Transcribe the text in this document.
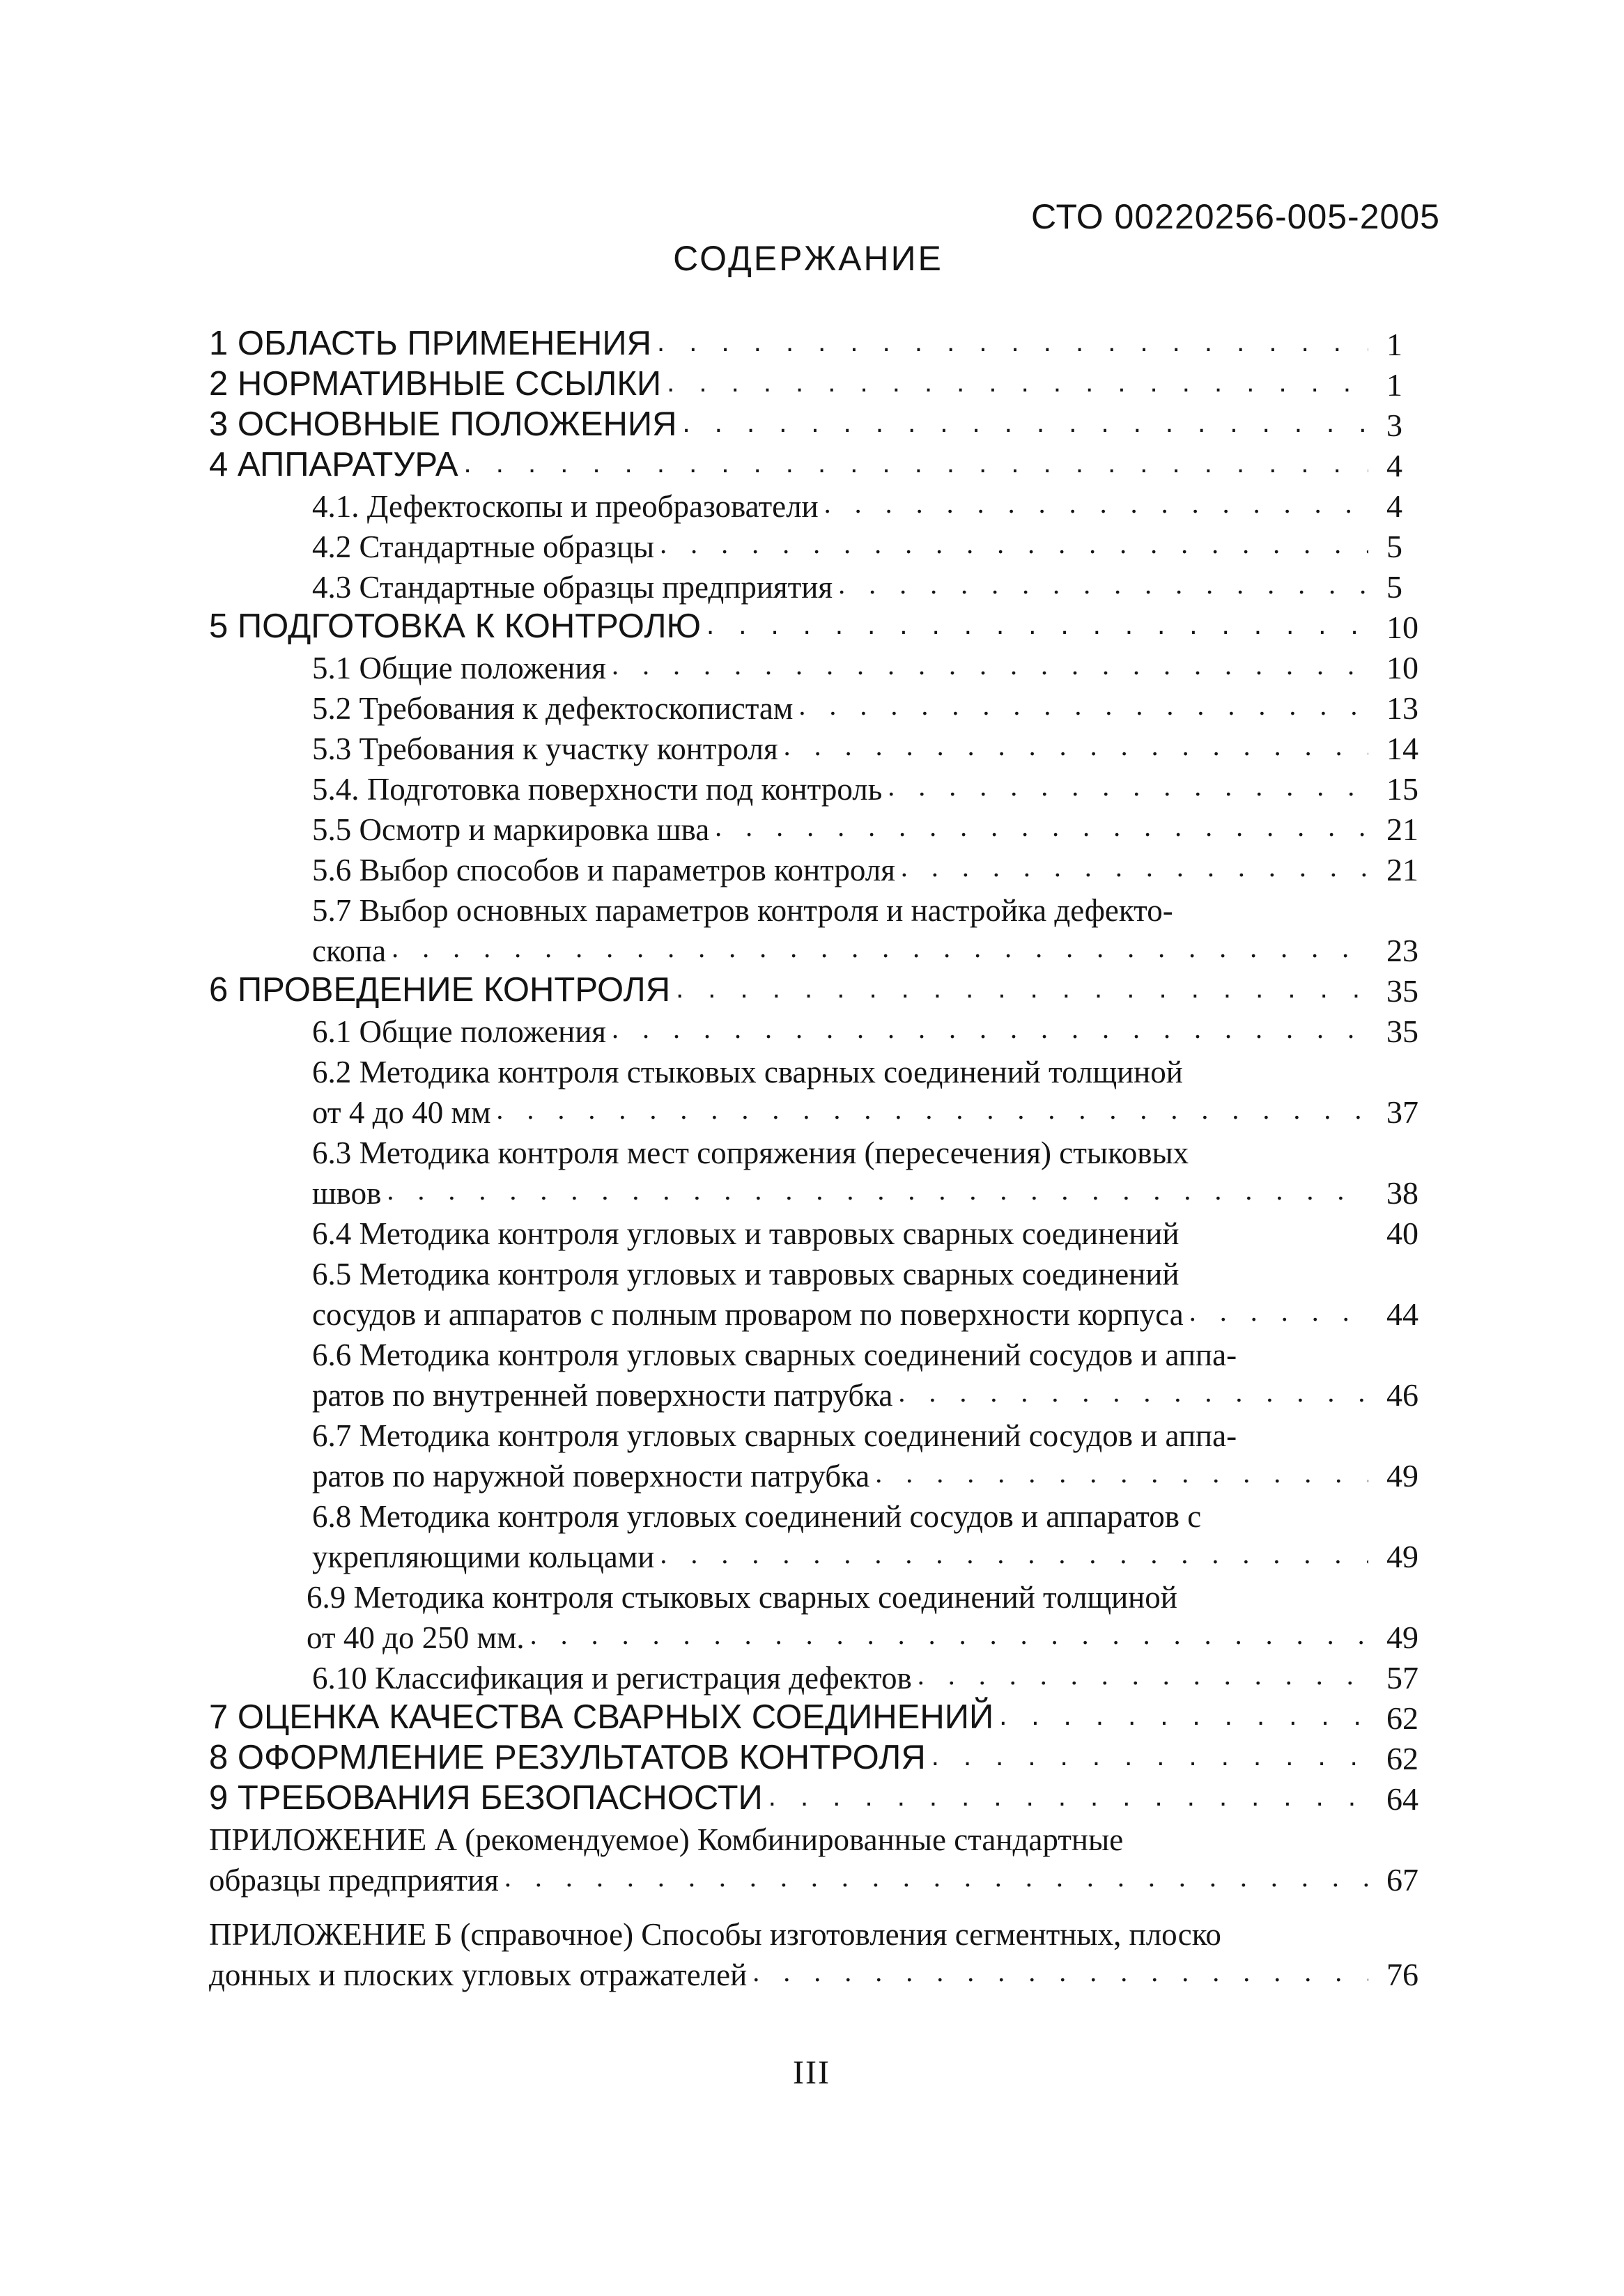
СТО 00220256-005-2005
СОДЕРЖАНИЕ
1 ОБЛАСТЬ ПРИМЕНЕНИЯ . . .	1
2 НОРМАТИВНЫЕ ССЫЛКИ . . .	1
3 ОСНОВНЫЕ ПОЛОЖЕНИЯ . . .	3
4 АППАРАТУРА . . .	4
4.1. Дефектоскопы и преобразователи . . .	4
4.2 Стандартные образцы . . .	5
4.3 Стандартные образцы предприятия . . .	5
5 ПОДГОТОВКА К КОНТРОЛЮ . . .	10
5.1 Общие положения . . .	10
5.2 Требования к дефектоскопистам . . .	13
5.3 Требования к участку контроля . . .	14
5.4. Подготовка поверхности под контроль . . .	15
5.5 Осмотр и маркировка шва . . .	21
5.6 Выбор способов и параметров контроля . . .	21
5.7 Выбор основных параметров контроля и настройка дефекто-
скопа . . .	23
6 ПРОВЕДЕНИЕ КОНТРОЛЯ . . .	35
6.1 Общие положения . . .	35
6.2 Методика контроля стыковых сварных соединений толщиной
от 4 до 40 мм . . .	37
6.3 Методика контроля мест сопряжения (пересечения) стыковых
швов . . .	38
6.4 Методика контроля угловых и тавровых сварных соединений	40
6.5 Методика контроля угловых и тавровых сварных соединений
сосудов и аппаратов с полным проваром по поверхности корпуса . . .	44
6.6 Методика контроля угловых сварных соединений сосудов и аппа-
ратов по внутренней поверхности патрубка . . .	46
6.7 Методика контроля угловых сварных соединений сосудов и аппа-
ратов по наружной поверхности патрубка . . .	49
6.8 Методика контроля угловых соединений сосудов и аппаратов с
укрепляющими кольцами . . .	49
6.9 Методика контроля стыковых сварных соединений толщиной
от 40 до 250 мм. . . .	49
6.10 Классификация и регистрация дефектов . . .	57
7 ОЦЕНКА КАЧЕСТВА СВАРНЫХ СОЕДИНЕНИЙ . . .	62
8 ОФОРМЛЕНИЕ РЕЗУЛЬТАТОВ КОНТРОЛЯ . . .	62
9 ТРЕБОВАНИЯ БЕЗОПАСНОСТИ . . .	64
ПРИЛОЖЕНИЕ А (рекомендуемое) Комбинированные стандартные
образцы предприятия . . .	67
ПРИЛОЖЕНИЕ Б (справочное) Способы изготовления сегментных, плоско
донных и плоских угловых отражателей . . .	76
III
